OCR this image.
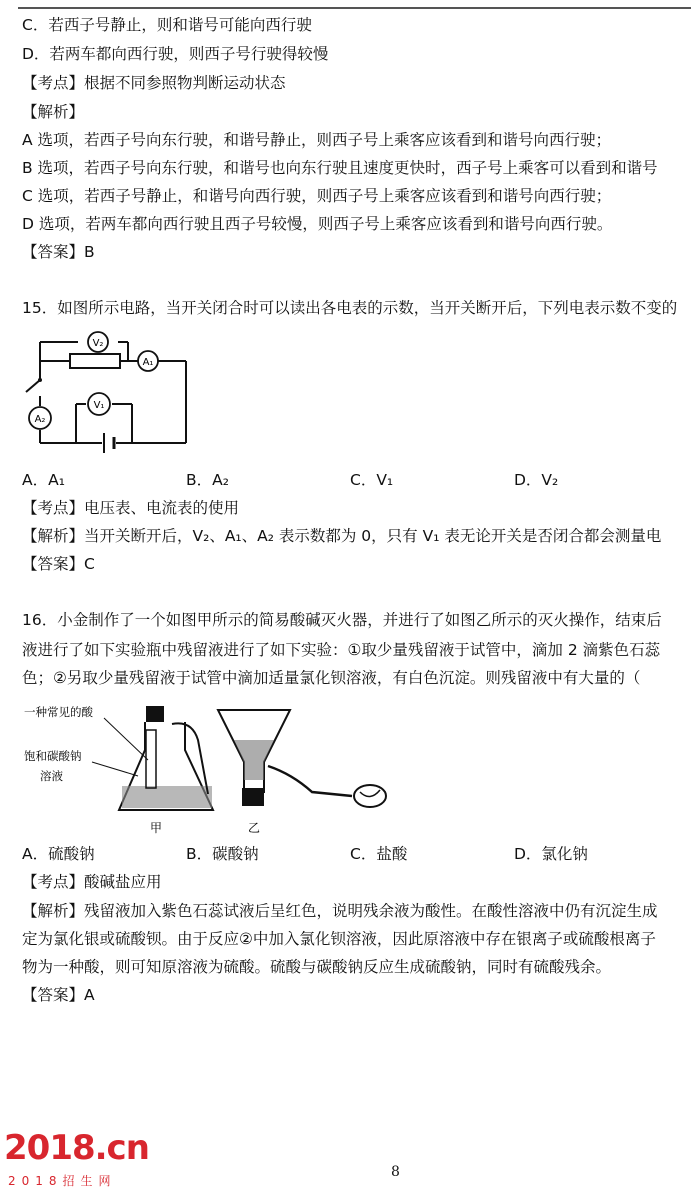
C．若西子号静止，则和谐号可能向西行驶
D．若两车都向西行驶，则西子号行驶得较慢
【考点】根据不同参照物判断运动状态
【解析】
A 选项，若西子号向东行驶，和谐号静止，则西子号上乘客应该看到和谐号向西行驶；
B 选项，若西子号向东行驶，和谐号也向东行驶且速度更快时，西子号上乘客可以看到和谐号
C 选项，若西子号静止，和谐号向西行驶，则西子号上乘客应该看到和谐号向西行驶；
D 选项，若两车都向西行驶且西子号较慢，则西子号上乘客应该看到和谐号向西行驶。
【答案】B
15．如图所示电路，当开关闭合时可以读出各电表的示数，当开关断开后，下列电表示数不变的
V₂
A₁
V₁
A₂
A．A₁	B．A₂	C．V₁	D．V₂
【考点】电压表、电流表的使用
【解析】当开关断开后，V₂、A₁、A₂ 表示数都为 0，只有 V₁ 表无论开关是否闭合都会测量电
【答案】C
16．小金制作了一个如图甲所示的简易酸碱灭火器，并进行了如图乙所示的灭火操作，结束后
液进行了如下实验瓶中残留液进行了如下实验：①取少量残留液于试管中，滴加 2 滴紫色石蕊
色；②另取少量残留液于试管中滴加适量氯化钡溶液，有白色沉淀。则残留液中有大量的（
一种常见的酸
饱和碳酸钠
溶液
甲	乙
A．硫酸钠	B．碳酸钠	C．盐酸	D．氯化钠
【考点】酸碱盐应用
【解析】残留液加入紫色石蕊试液后呈红色，说明残余液为酸性。在酸性溶液中仍有沉淀生成
定为氯化银或硫酸钡。由于反应②中加入氯化钡溶液，因此原溶液中存在银离子或硫酸根离子
物为一种酸，则可知原溶液为硫酸。硫酸与碳酸钠反应生成硫酸钠，同时有硫酸残余。
【答案】A
2018.cn
2018招生网
8
